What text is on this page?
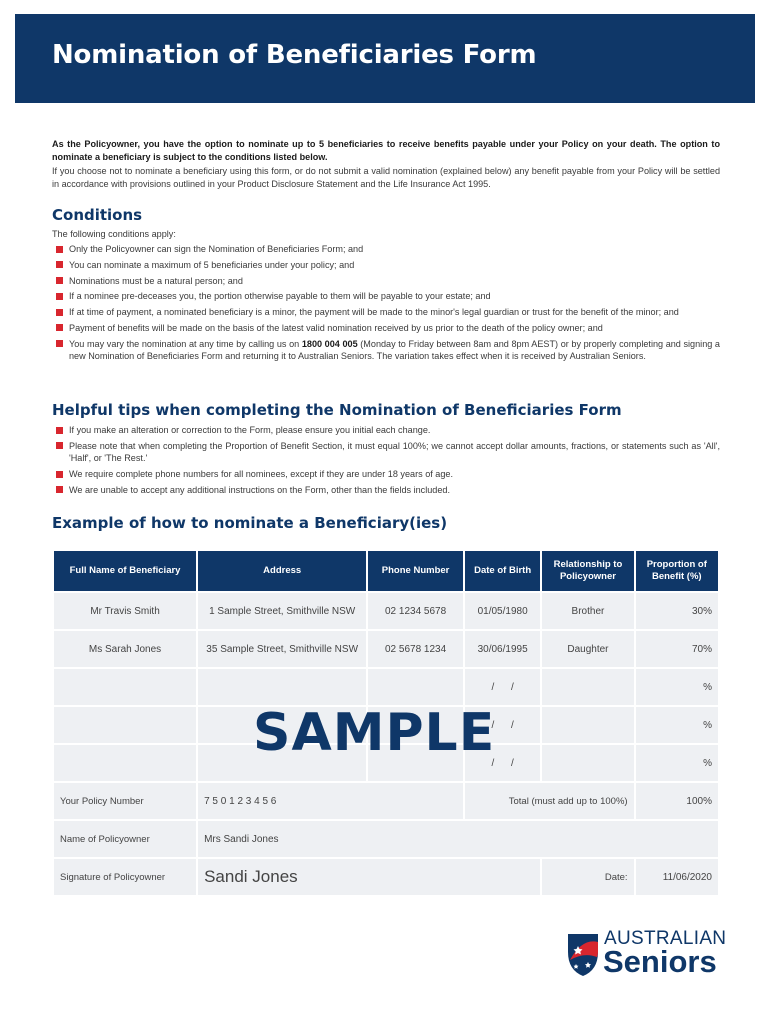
Nomination of Beneficiaries Form

As the Policyowner, you have the option to nominate up to 5 beneficiaries to receive benefits payable under your Policy on your death. The option to nominate a beneficiary is subject to the conditions listed below.

If you choose not to nominate a beneficiary using this form, or do not submit a valid nomination (explained below) any benefit payable from your Policy will be settled in accordance with provisions outlined in your Product Disclosure Statement and the Life Insurance Act 1995.

Conditions
The following conditions apply:
Only the Policyowner can sign the Nomination of Beneficiaries Form; and
You can nominate a maximum of 5 beneficiaries under your policy; and
Nominations must be a natural person; and
If a nominee pre-deceases you, the portion otherwise payable to them will be payable to your estate; and
If at time of payment, a nominated beneficiary is a minor, the payment will be made to the minor's legal guardian or trust for the benefit of the minor; and
Payment of benefits will be made on the basis of the latest valid nomination received by us prior to the death of the policy owner; and
You may vary the nomination at any time by calling us on 1800 004 005 (Monday to Friday between 8am and 8pm AEST) or by properly completing and signing a new Nomination of Beneficiaries Form and returning it to Australian Seniors. The variation takes effect when it is received by Australian Seniors.
Helpful tips when completing the Nomination of Beneficiaries Form
If you make an alteration or correction to the Form, please ensure you initial each change.
Please note that when completing the Proportion of Benefit Section, it must equal 100%; we cannot accept dollar amounts, fractions, or statements such as 'All', 'Half', or 'The Rest.'
We require complete phone numbers for all nominees, except if they are under 18 years of age.
We are unable to accept any additional instructions on the Form, other than the fields included.
Example of how to nominate a Beneficiary(ies)
Full Name of Beneficiary	Address	Phone Number	Date of Birth	Relationship to Policyowner	Proportion of Benefit (%)
Mr Travis Smith	1 Sample Street, Smithville NSW	02 1234 5678	01/05/1980	Brother	30%
Ms Sarah Jones	35 Sample Street, Smithville NSW	02 5678 1234	30/06/1995	Daughter	70%
			/      /		%
			/      /		%
			/      /		%
Your Policy Number	7 5 0 1 2 3 4 5 6		Total (must add up to 100%)		100%
Name of Policyowner	Mrs Sandi Jones				
Signature of Policyowner	Sandi Jones			Date:	11/06/2020
SAMPLE
AUSTRALIAN
Seniors
